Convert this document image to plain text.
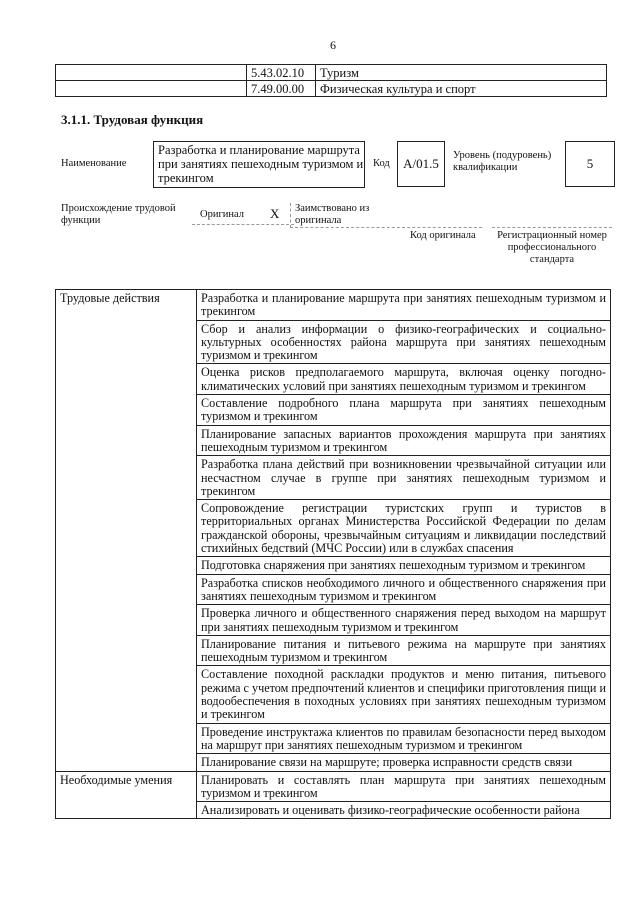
6
	5.43.02.10	Туризм
	7.49.00.00	Физическая культура и спорт
3.1.1. Трудовая функция
Наименование
Разработка и планирование маршрута при занятиях пешеходным туризмом и трекингом
Код	A/01.5
Уровень (подуровень) квалификации	5
Происхождение трудовой функции
Оригинал	X	Заимствовано из оригинала
Код оригинала	Регистрационный номер профессионального стандарта
Трудовые действия	Разработка и планирование маршрута при занятиях пешеходным туризмом и трекингом
	Сбор и анализ информации о физико-географических и социально-культурных особенностях района маршрута при занятиях пешеходным туризмом и трекингом
	Оценка рисков предполагаемого маршрута, включая оценку погодно-климатических условий при занятиях пешеходным туризмом и трекингом
	Составление подробного плана маршрута при занятиях пешеходным туризмом и трекингом
	Планирование запасных вариантов прохождения маршрута при занятиях пешеходным туризмом и трекингом
	Разработка плана действий при возникновении чрезвычайной ситуации или несчастном случае в группе при занятиях пешеходным туризмом и трекингом
	Сопровождение регистрации туристских групп и туристов в территориальных органах Министерства Российской Федерации по делам гражданской обороны, чрезвычайным ситуациям и ликвидации последствий стихийных бедствий (МЧС России) или в службах спасения
	Подготовка снаряжения при занятиях пешеходным туризмом и трекингом
	Разработка списков необходимого личного и общественного снаряжения при занятиях пешеходным туризмом и трекингом
	Проверка личного и общественного снаряжения перед выходом на маршрут при занятиях пешеходным туризмом и трекингом
	Планирование питания и питьевого режима на маршруте при занятиях пешеходным туризмом и трекингом
	Составление походной раскладки продуктов и меню питания, питьевого режима с учетом предпочтений клиентов и специфики приготовления пищи и водообеспечения в походных условиях при занятиях пешеходным туризмом и трекингом
	Проведение инструктажа клиентов по правилам безопасности перед выходом на маршрут при занятиях пешеходным туризмом и трекингом
	Планирование связи на маршруте; проверка исправности средств связи
Необходимые умения	Планировать и составлять план маршрута при занятиях пешеходным туризмом и трекингом
	Анализировать и оценивать физико-географические особенности района
